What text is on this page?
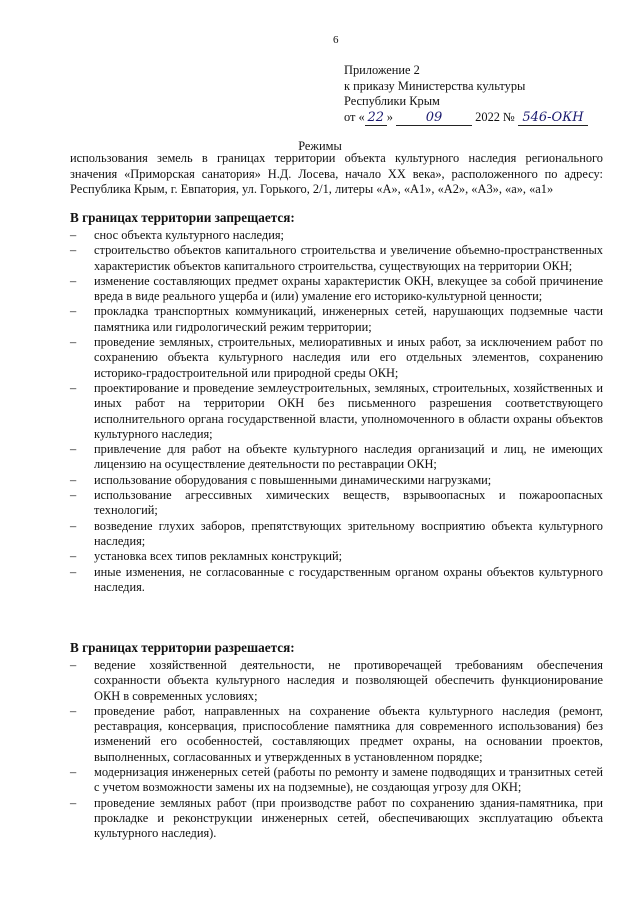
6
Приложение 2
к приказу Министерства культуры
Республики Крым
от « 22 »	09	2022 № 546-ОКН
Режимы
использования земель в границах территории объекта культурного наследия регионального значения «Приморская санатория» Н.Д. Лосева, начало XX века», расположенного по адресу: Республика Крым, г. Евпатория, ул. Горького, 2/1, литеры «А», «А1», «А2», «А3», «а», «а1»
В границах территории запрещается:
– снос объекта культурного наследия;
– строительство объектов капитального строительства и увеличение объемно-пространственных характеристик объектов капитального строительства, существующих на территории ОКН;
– изменение составляющих предмет охраны характеристик ОКН, влекущее за собой причинение вреда в виде реального ущерба и (или) умаление его историко-культурной ценности;
– прокладка транспортных коммуникаций, инженерных сетей, нарушающих подземные части памятника или гидрологический режим территории;
– проведение земляных, строительных, мелиоративных и иных работ, за исключением работ по сохранению объекта культурного наследия или его отдельных элементов, сохранению историко-градостроительной или природной среды ОКН;
– проектирование и проведение землеустроительных, земляных, строительных, хозяйственных и иных работ на территории ОКН без письменного разрешения соответствующего исполнительного органа государственной власти, уполномоченного в области охраны объектов культурного наследия;
– привлечение для работ на объекте культурного наследия организаций и лиц, не имеющих лицензию на осуществление деятельности по реставрации ОКН;
– использование оборудования с повышенными динамическими нагрузками;
– использование агрессивных химических веществ, взрывоопасных и пожароопасных технологий;
– возведение глухих заборов, препятствующих зрительному восприятию объекта культурного наследия;
– установка всех типов рекламных конструкций;
– иные изменения, не согласованные с государственным органом охраны объектов культурного наследия.
В границах территории разрешается:
– ведение хозяйственной деятельности, не противоречащей требованиям обеспечения сохранности объекта культурного наследия и позволяющей обеспечить функционирование ОКН в современных условиях;
– проведение работ, направленных на сохранение объекта культурного наследия (ремонт, реставрация, консервация, приспособление памятника для современного использования) без изменений его особенностей, составляющих предмет охраны, на основании проектов, выполненных, согласованных и утвержденных в установленном порядке;
– модернизация инженерных сетей (работы по ремонту и замене подводящих и транзитных сетей с учетом возможности замены их на подземные), не создающая угрозу для ОКН;
– проведение земляных работ (при производстве работ по сохранению здания-памятника, при прокладке и реконструкции инженерных сетей, обеспечивающих эксплуатацию объекта культурного наследия).
